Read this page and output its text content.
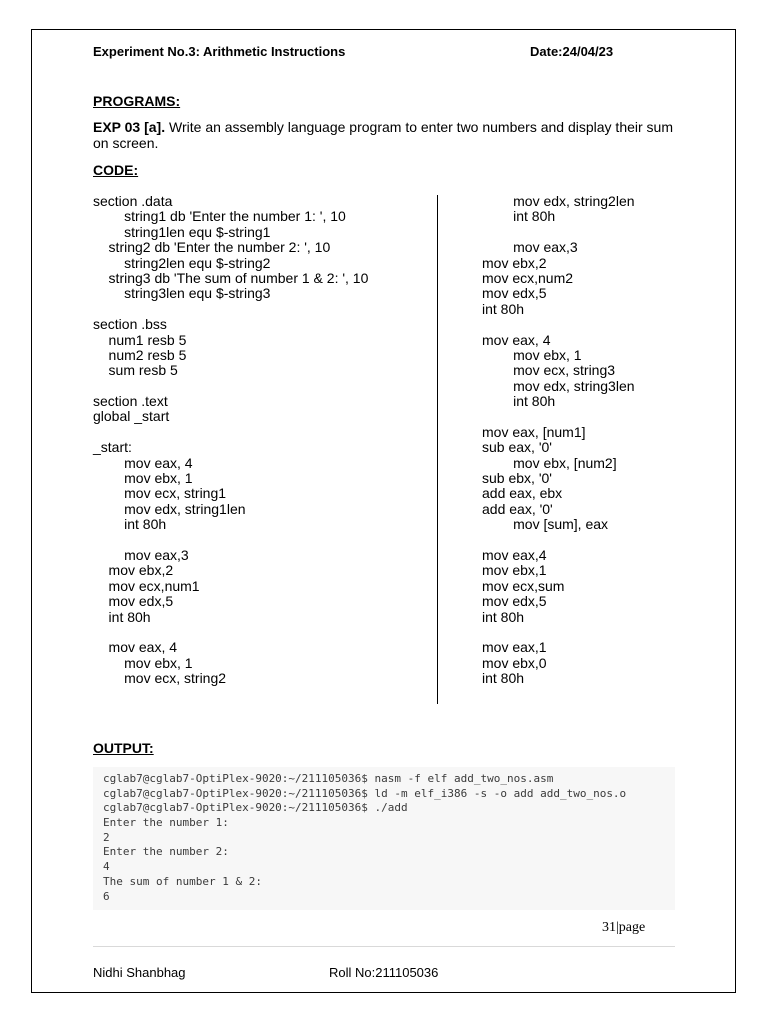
Experiment No.3: Arithmetic Instructions	Date:24/04/23
PROGRAMS:
EXP 03 [a]. Write an assembly language program to enter two numbers and display their sum on screen.
CODE:
section .data
string1 db 'Enter the number 1: ', 10
string1len equ $-string1
string2 db 'Enter the number 2: ', 10
string2len equ $-string2
string3 db 'The sum of number 1 & 2: ', 10
string3len equ $-string3
section .bss
num1 resb 5
num2 resb 5
sum resb 5
section .text
global _start
_start:
mov eax, 4
mov ebx, 1
mov ecx, string1
mov edx, string1len
int 80h
mov eax,3
mov ebx,2
mov ecx,num1
mov edx,5
int 80h
mov eax, 4
mov ebx, 1
mov ecx, string2
mov edx, string2len
int 80h
mov eax,3
mov ebx,2
mov ecx,num2
mov edx,5
int 80h
mov eax, 4
mov ebx, 1
mov ecx, string3
mov edx, string3len
int 80h
mov eax, [num1]
sub eax, '0'
mov ebx, [num2]
sub ebx, '0'
add eax, ebx
add eax, '0'
mov [sum], eax
mov eax,4
mov ebx,1
mov ecx,sum
mov edx,5
int 80h
mov eax,1
mov ebx,0
int 80h
OUTPUT:
cglab7@cglab7-OptiPlex-9020:~/211105036$ nasm -f elf add_two_nos.asm
cglab7@cglab7-OptiPlex-9020:~/211105036$ ld -m elf_i386 -s -o add add_two_nos.o
cglab7@cglab7-OptiPlex-9020:~/211105036$ ./add
Enter the number 1:
2
Enter the number 2:
4
The sum of number 1 & 2:
6
31|page
Nidhi Shanbhag	Roll No:211105036
